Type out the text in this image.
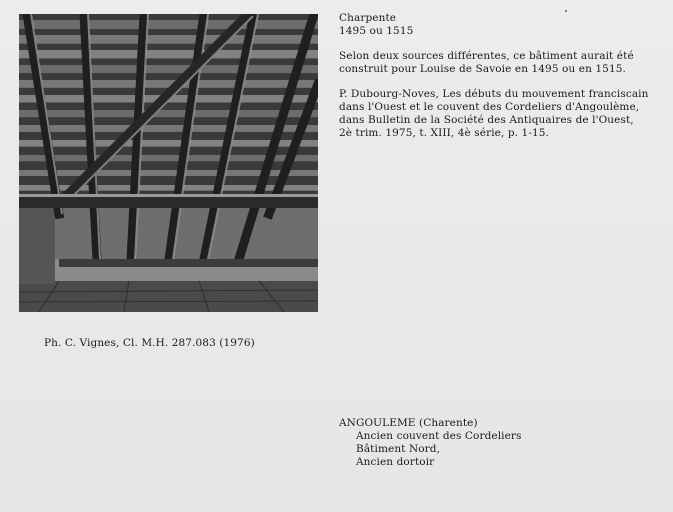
Charpente
1495 ou 1515
Selon deux sources différentes, ce bâtiment aurait été
construit pour Louise de Savoie en 1495 ou en 1515.
P. Dubourg-Noves, Les débuts du mouvement franciscain
dans l'Ouest et le couvent des Cordeliers d'Angoulème,
dans Bulletin de la Société des Antiquaires de l'Ouest,
2è trim. 1975, t. XIII, 4è série, p. 1-15.
Ph. C. Vignes, Cl. M.H. 287.083 (1976)
ANGOULEME (Charente)
Ancien couvent des Cordeliers
Bâtiment Nord,
Ancien dortoir
